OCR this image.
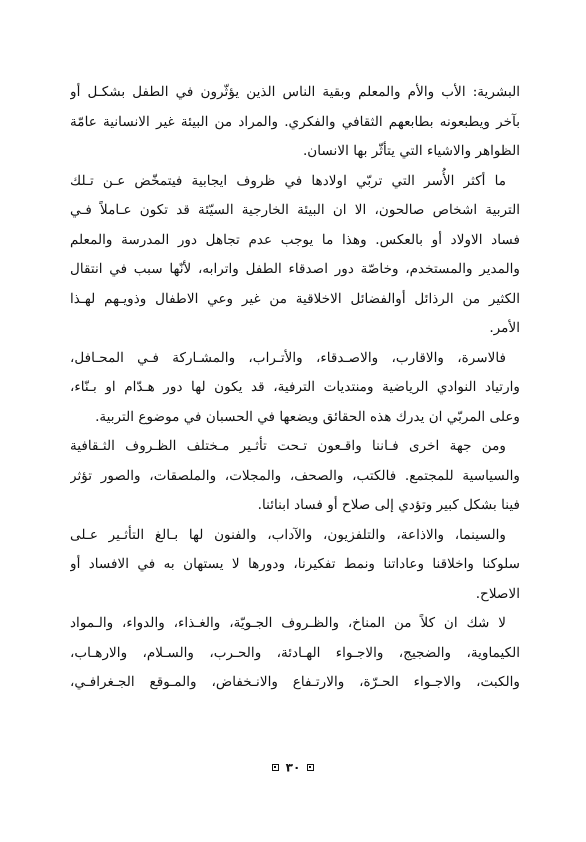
البشرية: الأب والأم والمعلم وبقية الناس الذين يؤثّرون في الطفل بشكـل أو
بآخر ويطبعونه بطابعهم الثقافي والفكري. والمراد من البيئة غير الانسانية عامّة
الظواهر والاشياء التي يتأثّر بها الانسان.
ما أكثر الأُسر التي تربّي اولادها في ظروف ايجابية فيتمخّض عـن تـلك
التربية اشخاص صالحون، الا ان البيئة الخارجية السيّئة قد تكون عـاملاً فـي
فساد الاولاد أو بالعكس. وهذا ما يوجب عدم تجاهل دور المدرسة والمعلم
والمدير والمستخدم، وخاصّة دور اصدقاء الطفل واترابه، لأنّها سبب في انتقال
الكثير من الرذائل أوالفضائل الاخلاقية من غير وعي الاطفال وذويـهم لهـذا
الأمر.
فالاسرة، والاقارب، والاصـدقاء، والأتـراب، والمشـاركة فـي المحـافل،
وارتياد النوادي الرياضية ومنتديات الترفية، قد يكون لها دور هـدّام او بـنّاء،
وعلى المربّي ان يدرك هذه الحقائق ويضعها في الحسبان في موضوع التربية.
ومن جهة اخرى فـاننا واقـعون تـحت تأثـير مـختلف الظـروف الثـقافية
والسياسية للمجتمع. فالكتب، والصحف، والمجلات، والملصقات، والصور تؤثر
فينا بشكل كبير وتؤدي إلى صلاح أو فساد ابنائنا.
والسينما، والاذاعة، والتلفزيون، والآداب، والفنون لها بـالغ التأثـير عـلى
سلوكنا واخلاقنا وعاداتنا ونمط تفكيرنا، ودورها لا يستهان به في الافساد أو
الاصلاح.
لا شك ان كلاً من المناخ، والظـروف الجـويّة، والغـذاء، والدواء، والـمواد
الكيماوية، والضجيج، والاجـواء الهـادئة، والحـرب، والسـلام، والارهـاب،
والكبت، والاجـواء الحـرّة، والارتـفاع والانـخفاض، والمـوقع الجـغرافـي،
٣٠
